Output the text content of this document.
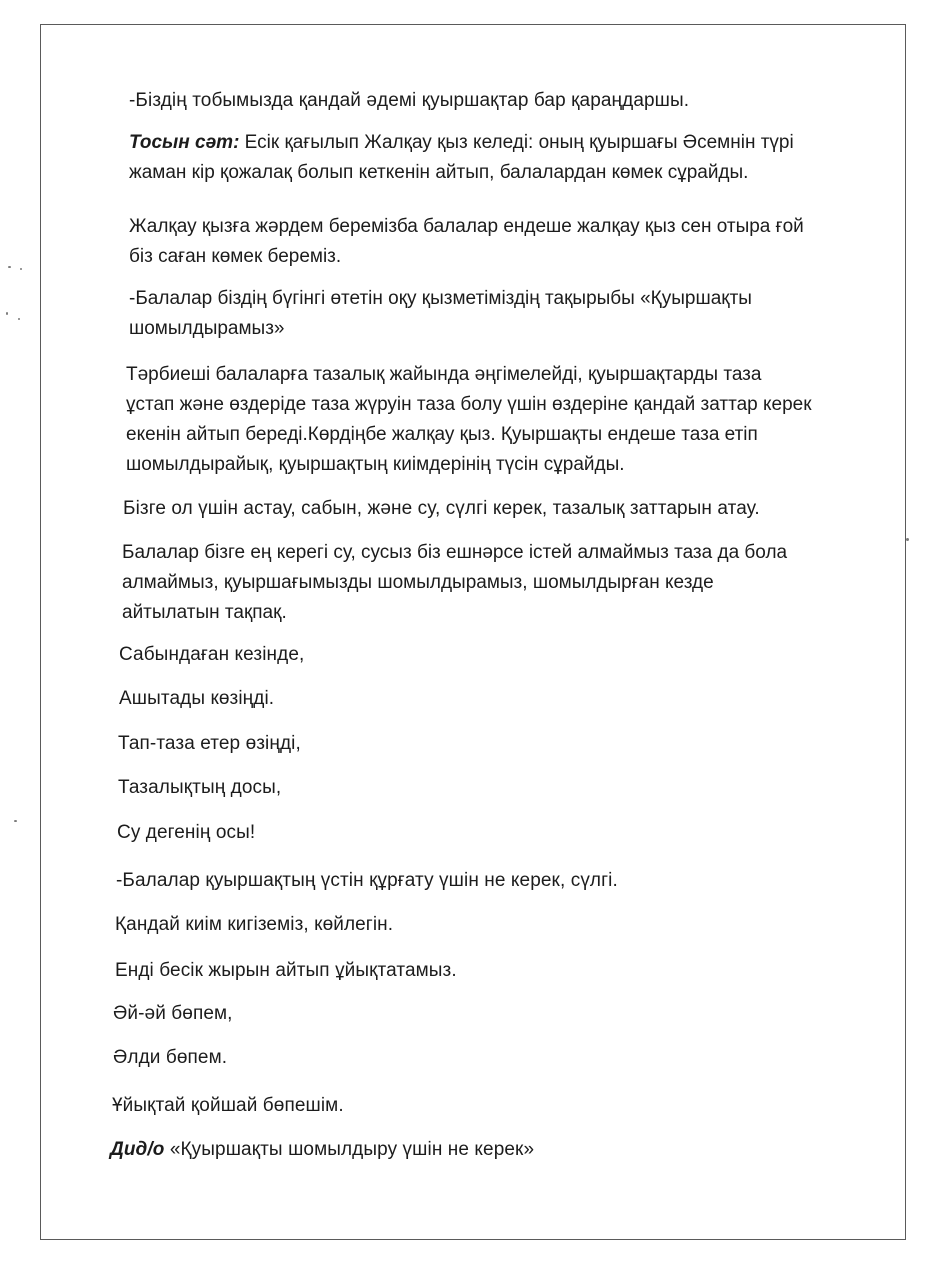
-Біздің тобымызда қандай әдемі қуыршақтар бар қараңдаршы.
Тосын сәт: Есік қағылып Жалқау қыз келеді: оның қуыршағы Әсемнін түрі
жаман кір қожалақ болып кеткенін айтып, балалардан көмек сұрайды.
Жалқау қызға жәрдем беремізба балалар ендеше жалқау қыз сен отыра ғой
біз саған көмек береміз.
-Балалар біздің бүгінгі өтетін оқу қызметіміздің тақырыбы «Қуыршақты
шомылдырамыз»
Тәрбиеші балаларға тазалық жайында әңгімелейді, қуыршақтарды таза
ұстап және өздеріде таза жүруін таза болу үшін өздеріне қандай заттар керек
екенін айтып береді.Көрдіңбе жалқау қыз. Қуыршақты ендеше таза етіп
шомылдырайық, қуыршақтың киімдерінің түсін сұрайды.
Бізге ол үшін астау, сабын, және су, сүлгі керек, тазалық заттарын атау.
Балалар бізге ең керегі су, сусыз біз ешнәрсе істей алмаймыз таза да бола
алмаймыз, қуыршағымызды шомылдырамыз, шомылдырған кезде
айтылатын тақпақ.
Сабындаған кезінде,
Ашытады көзіңді.
Тап-таза етер өзіңді,
Тазалықтың досы,
Су дегенің осы!
-Балалар қуыршақтың үстін құрғату үшін не керек, сүлгі.
Қандай киім кигіземіз, көйлегін.
Енді бесік жырын айтып ұйықтатамыз.
Әй-әй бөпем,
Әлди бөпем.
Ұйықтай қойшай бөпешім.
Дид/о «Қуыршақты шомылдыру үшін не керек»
